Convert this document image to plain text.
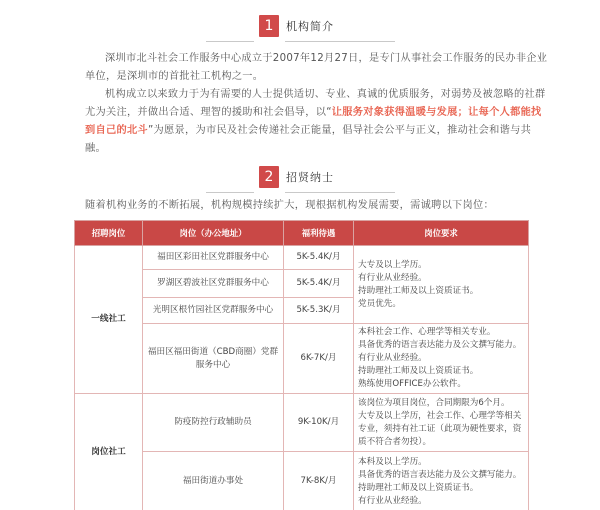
1	机构简介

深圳市北斗社会工作服务中心成立于2007年12月27日，是专门从事社会工作服务的民办非企业单位，是深圳市的首批社工机构之一。

机构成立以来致力于为有需要的人士提供适切、专业、真诚的优质服务，对弱势及被忽略的社群尤为关注，并做出合适、理智的援助和社会倡导，以“让服务对象获得温暖与发展；让每个人都能找到自己的北斗”为愿景，为市民及社会传递社会正能量，倡导社会公平与正义，推动社会和谐与共融。

2	招贤纳士
随着机构业务的不断拓展，机构规模持续扩大，现根据机构发展需要，需诚聘以下岗位：
招聘岗位	岗位（办公地址）	福利待遇	岗位要求
一线社工	福田区彩田社区党群服务中心	5K-5.4K/月	大专及以上学历。
有行业从业经验。
持助理社工师及以上资质证书。
党员优先。

	罗湖区碧波社区党群服务中心	5K-5.4K/月	
	光明区根竹园社区党群服务中心	5K-5.3K/月	
	福田区福田街道（CBD商圈）党群服务中心	6K-7K/月	本科社会工作、心理学等相关专业。
具备优秀的语言表达能力及公文撰写能力。
有行业从业经验。
持助理社工师及以上资质证书。
熟练使用OFFICE办公软件。

岗位社工	防疫防控行政辅助员	9K-10K/月	该岗位为项目岗位，合同期限为6个月。
大专及以上学历，社会工作、心理学等相关专业，须持有社工证（此项为硬性要求，资质不符合者勿投）。

	福田街道办事处	7K-8K/月	本科及以上学历。
具备优秀的语言表达能力及公文撰写能力。
持助理社工师及以上资质证书。
有行业从业经验。
